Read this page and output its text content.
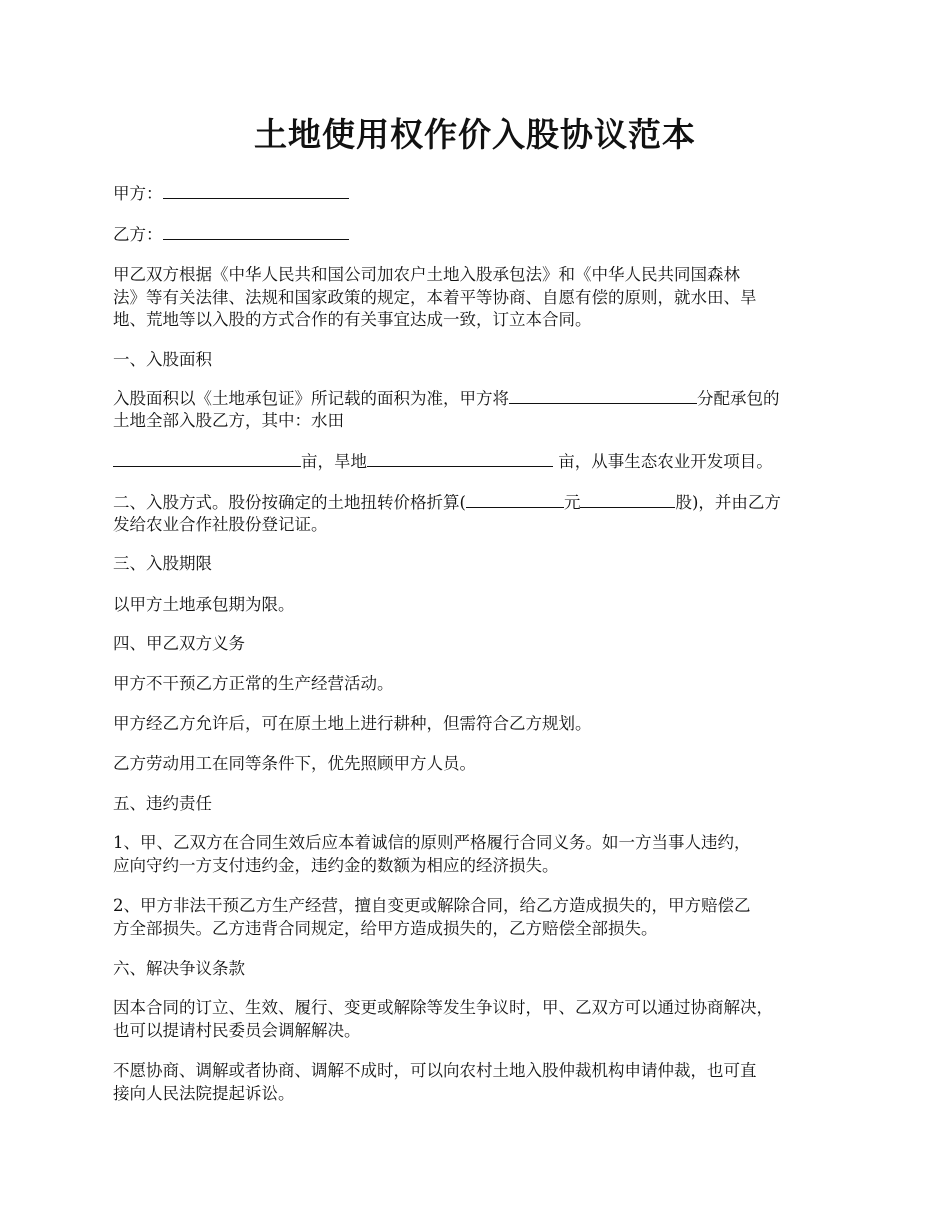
土地使用权作价入股协议范本
甲方：
乙方：
甲乙双方根据《中华人民共和国公司加农户土地入股承包法》和《中华人民共同国森林
法》等有关法律、法规和国家政策的规定，本着平等协商、自愿有偿的原则，就水田、旱
地、荒地等以入股的方式合作的有关事宜达成一致，订立本合同。
一、入股面积
入股面积以《土地承包证》所记载的面积为准，甲方将	分配承包的
土地全部入股乙方，其中：水田
亩，旱地	亩，从事生态农业开发项目。
二、入股方式。股份按确定的土地扭转价格折算(	元	股)，并由乙方
发给农业合作社股份登记证。
三、入股期限
以甲方土地承包期为限。
四、甲乙双方义务
甲方不干预乙方正常的生产经营活动。
甲方经乙方允许后，可在原土地上进行耕种，但需符合乙方规划。
乙方劳动用工在同等条件下，优先照顾甲方人员。
五、违约责任
1、甲、乙双方在合同生效后应本着诚信的原则严格履行合同义务。如一方当事人违约，
应向守约一方支付违约金，违约金的数额为相应的经济损失。
2、甲方非法干预乙方生产经营，擅自变更或解除合同，给乙方造成损失的，甲方赔偿乙
方全部损失。乙方违背合同规定，给甲方造成损失的，乙方赔偿全部损失。
六、解决争议条款
因本合同的订立、生效、履行、变更或解除等发生争议时，甲、乙双方可以通过协商解决，
也可以提请村民委员会调解解决。
不愿协商、调解或者协商、调解不成时，可以向农村土地入股仲裁机构申请仲裁，也可直
接向人民法院提起诉讼。
